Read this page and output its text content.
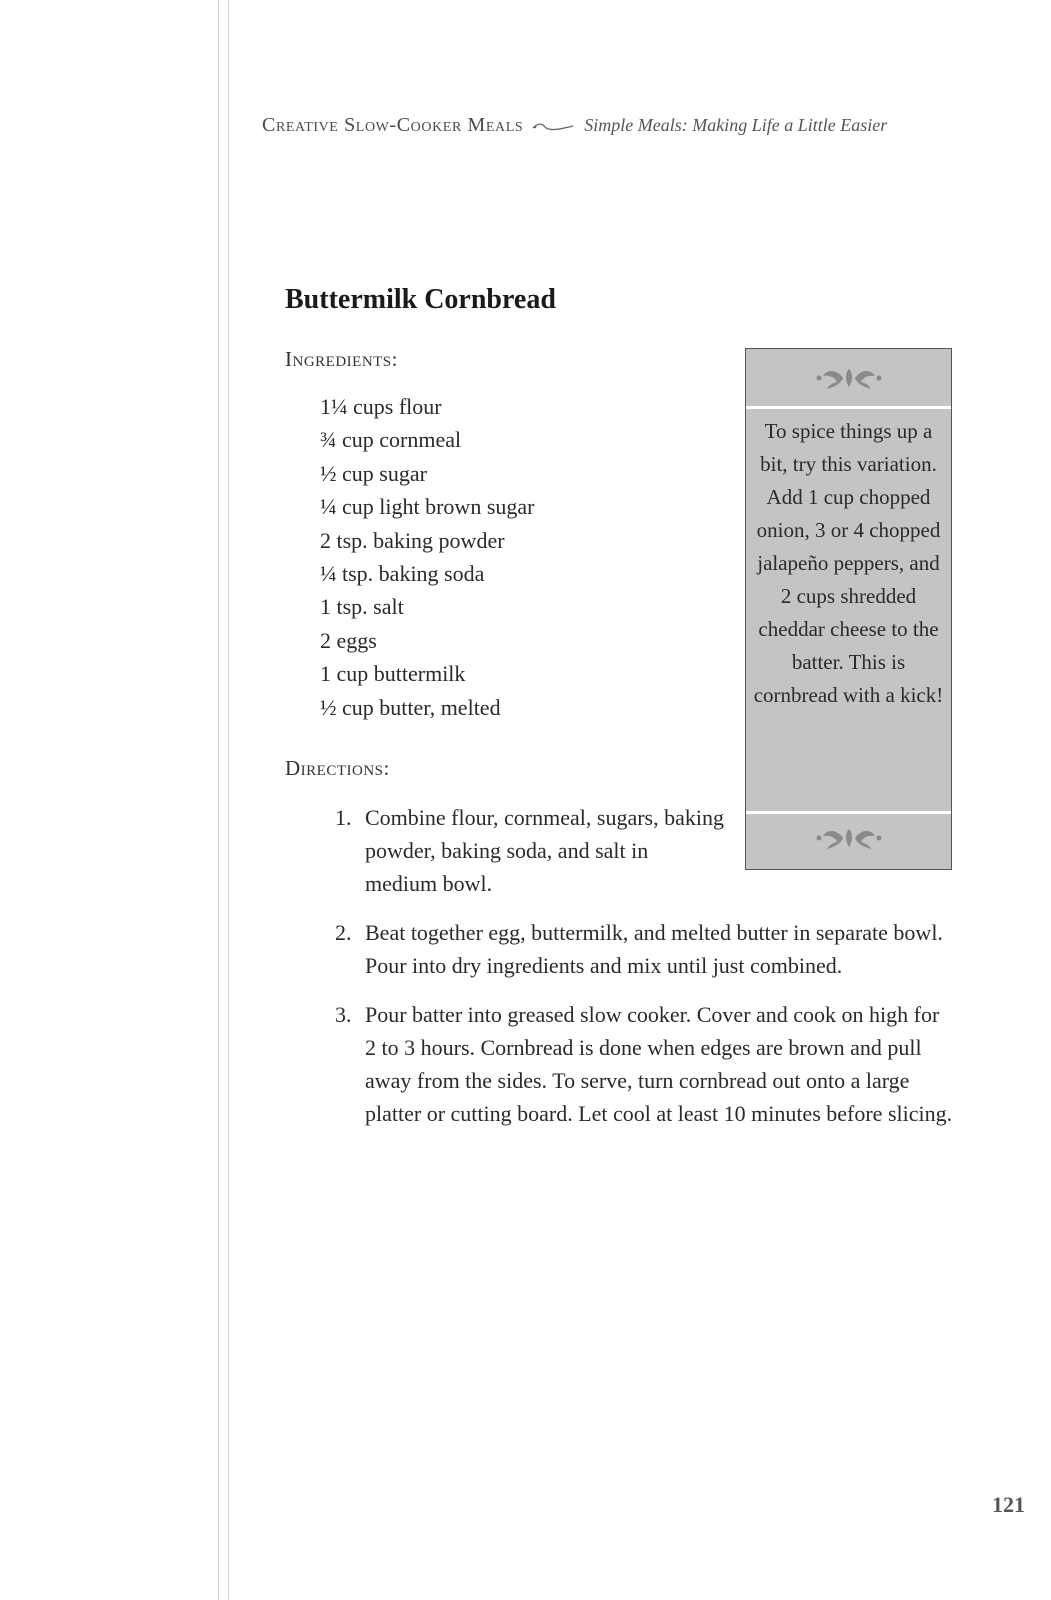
Creative Slow-Cooker Meals	Simple Meals: Making Life a Little Easier
Buttermilk Cornbread
Ingredients:
1¼ cups flour
¾ cup cornmeal
½ cup sugar
¼ cup light brown sugar
2 tsp. baking powder
¼ tsp. baking soda
1 tsp. salt
2 eggs
1 cup buttermilk
½ cup butter, melted
Directions:
1. Combine flour, cornmeal, sugars, baking powder, baking soda, and salt in medium bowl.
2. Beat together egg, buttermilk, and melted butter in separate bowl. Pour into dry ingredients and mix until just combined.
3. Pour batter into greased slow cooker. Cover and cook on high for 2 to 3 hours. Cornbread is done when edges are brown and pull away from the sides. To serve, turn cornbread out onto a large platter or cutting board. Let cool at least 10 minutes before slicing.

To spice things up a bit, try this variation. Add 1 cup chopped onion, 3 or 4 chopped jalapeño peppers, and 2 cups shredded cheddar cheese to the batter. This is cornbread with a kick!

121
